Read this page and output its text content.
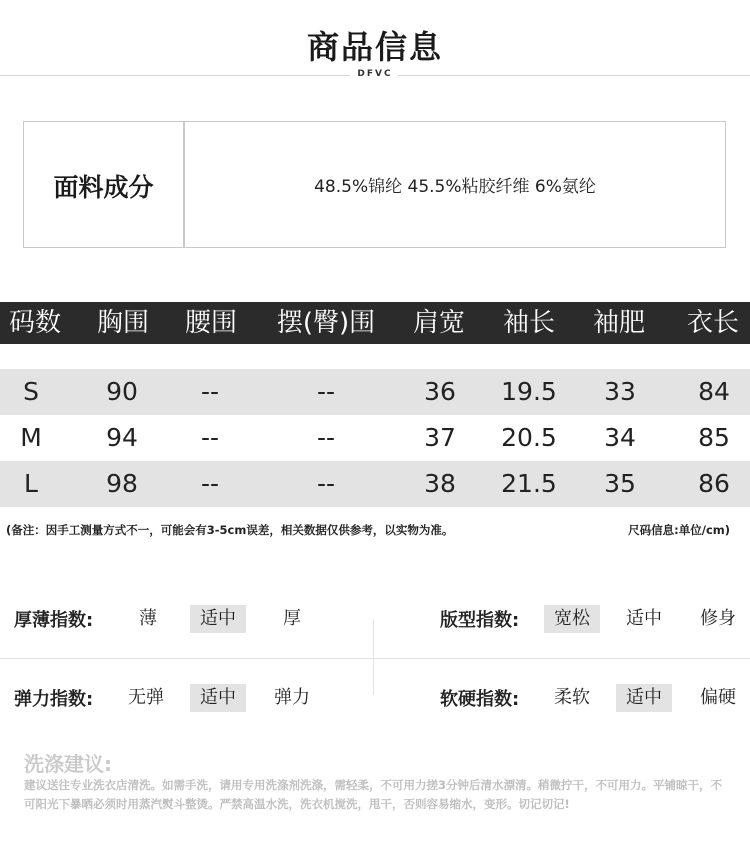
商品信息
DFVC
面料成分	48.5%锦纶 45.5%粘胶纤维 6%氨纶
码数	胸围	腰围	摆(臀)围	肩宽	袖长	袖肥	衣长
S	90	--	--	36	19.5	33	84
M	94	--	--	37	20.5	34	85
L	98	--	--	38	21.5	35	86
(备注：因手工测量方式不一，可能会有3-5cm误差，相关数据仅供参考，以实物为准。	尺码信息:单位/cm)
厚薄指数:	薄	适中	厚	版型指数:	宽松	适中	修身
弹力指数:	无弹	适中	弹力	软硬指数:	柔软	适中	偏硬
洗涤建议:
建议送往专业洗衣店清洗。如需手洗，请用专用洗涤剂洗涤，需轻柔，不可用力搓3分钟后清水漂清。稍微拧干，不可用力。平铺晾干，不可阳光下暴晒必须时用蒸汽熨斗整烫。严禁高温水洗，洗衣机搅洗，甩干，否则容易缩水，变形。切记切记!
